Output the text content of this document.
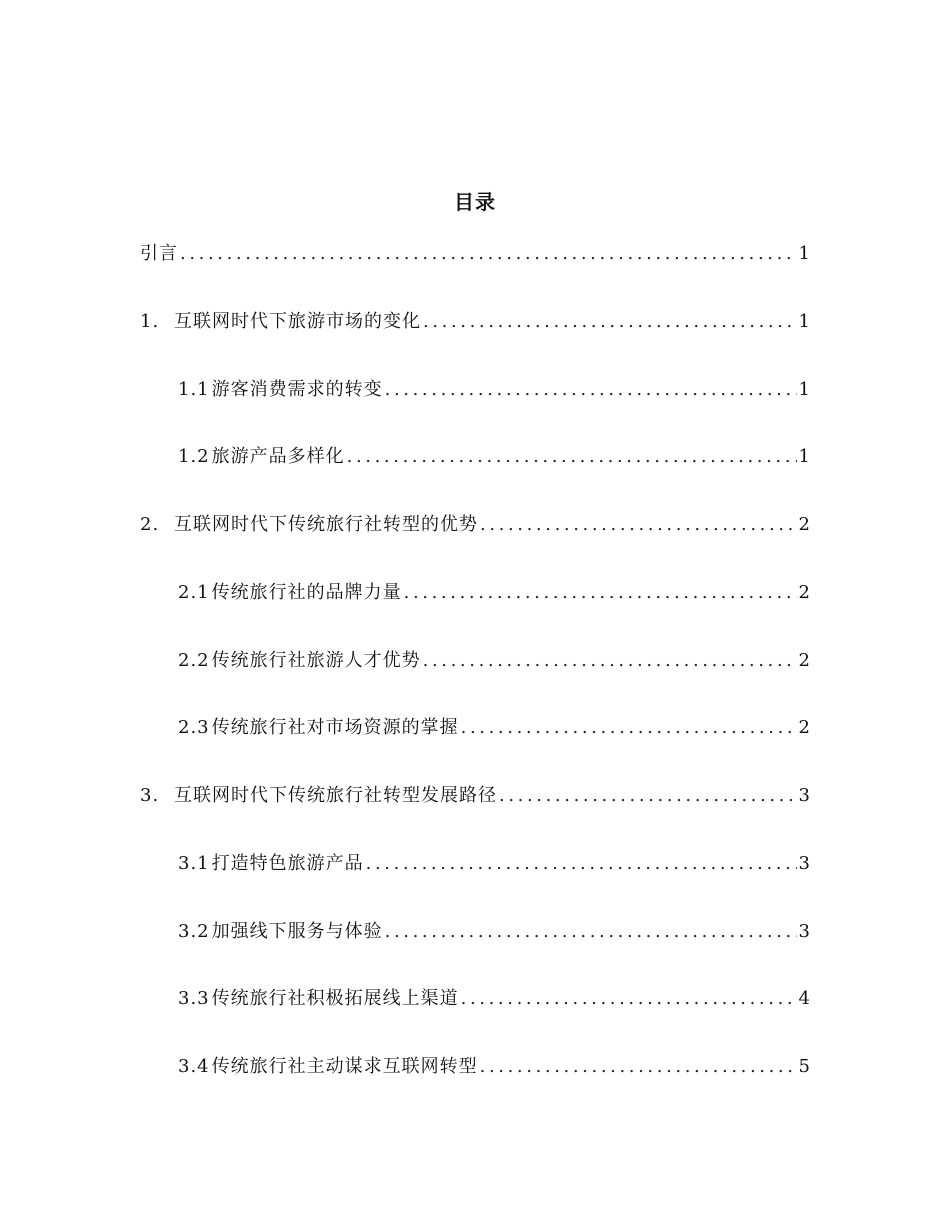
目录
引言 .....	1
1. 互联网时代下旅游市场的变化 .....	1
1.1 游客消费需求的转变 .....	1
1.2 旅游产品多样化 .....	1
2. 互联网时代下传统旅行社转型的优势 .....	2
2.1 传统旅行社的品牌力量 .....	2
2.2 传统旅行社旅游人才优势 .....	2
2.3 传统旅行社对市场资源的掌握 .....	2
3. 互联网时代下传统旅行社转型发展路径 .....	3
3.1 打造特色旅游产品 .....	3
3.2 加强线下服务与体验 .....	3
3.3 传统旅行社积极拓展线上渠道 .....	4
3.4 传统旅行社主动谋求互联网转型 .....	5
